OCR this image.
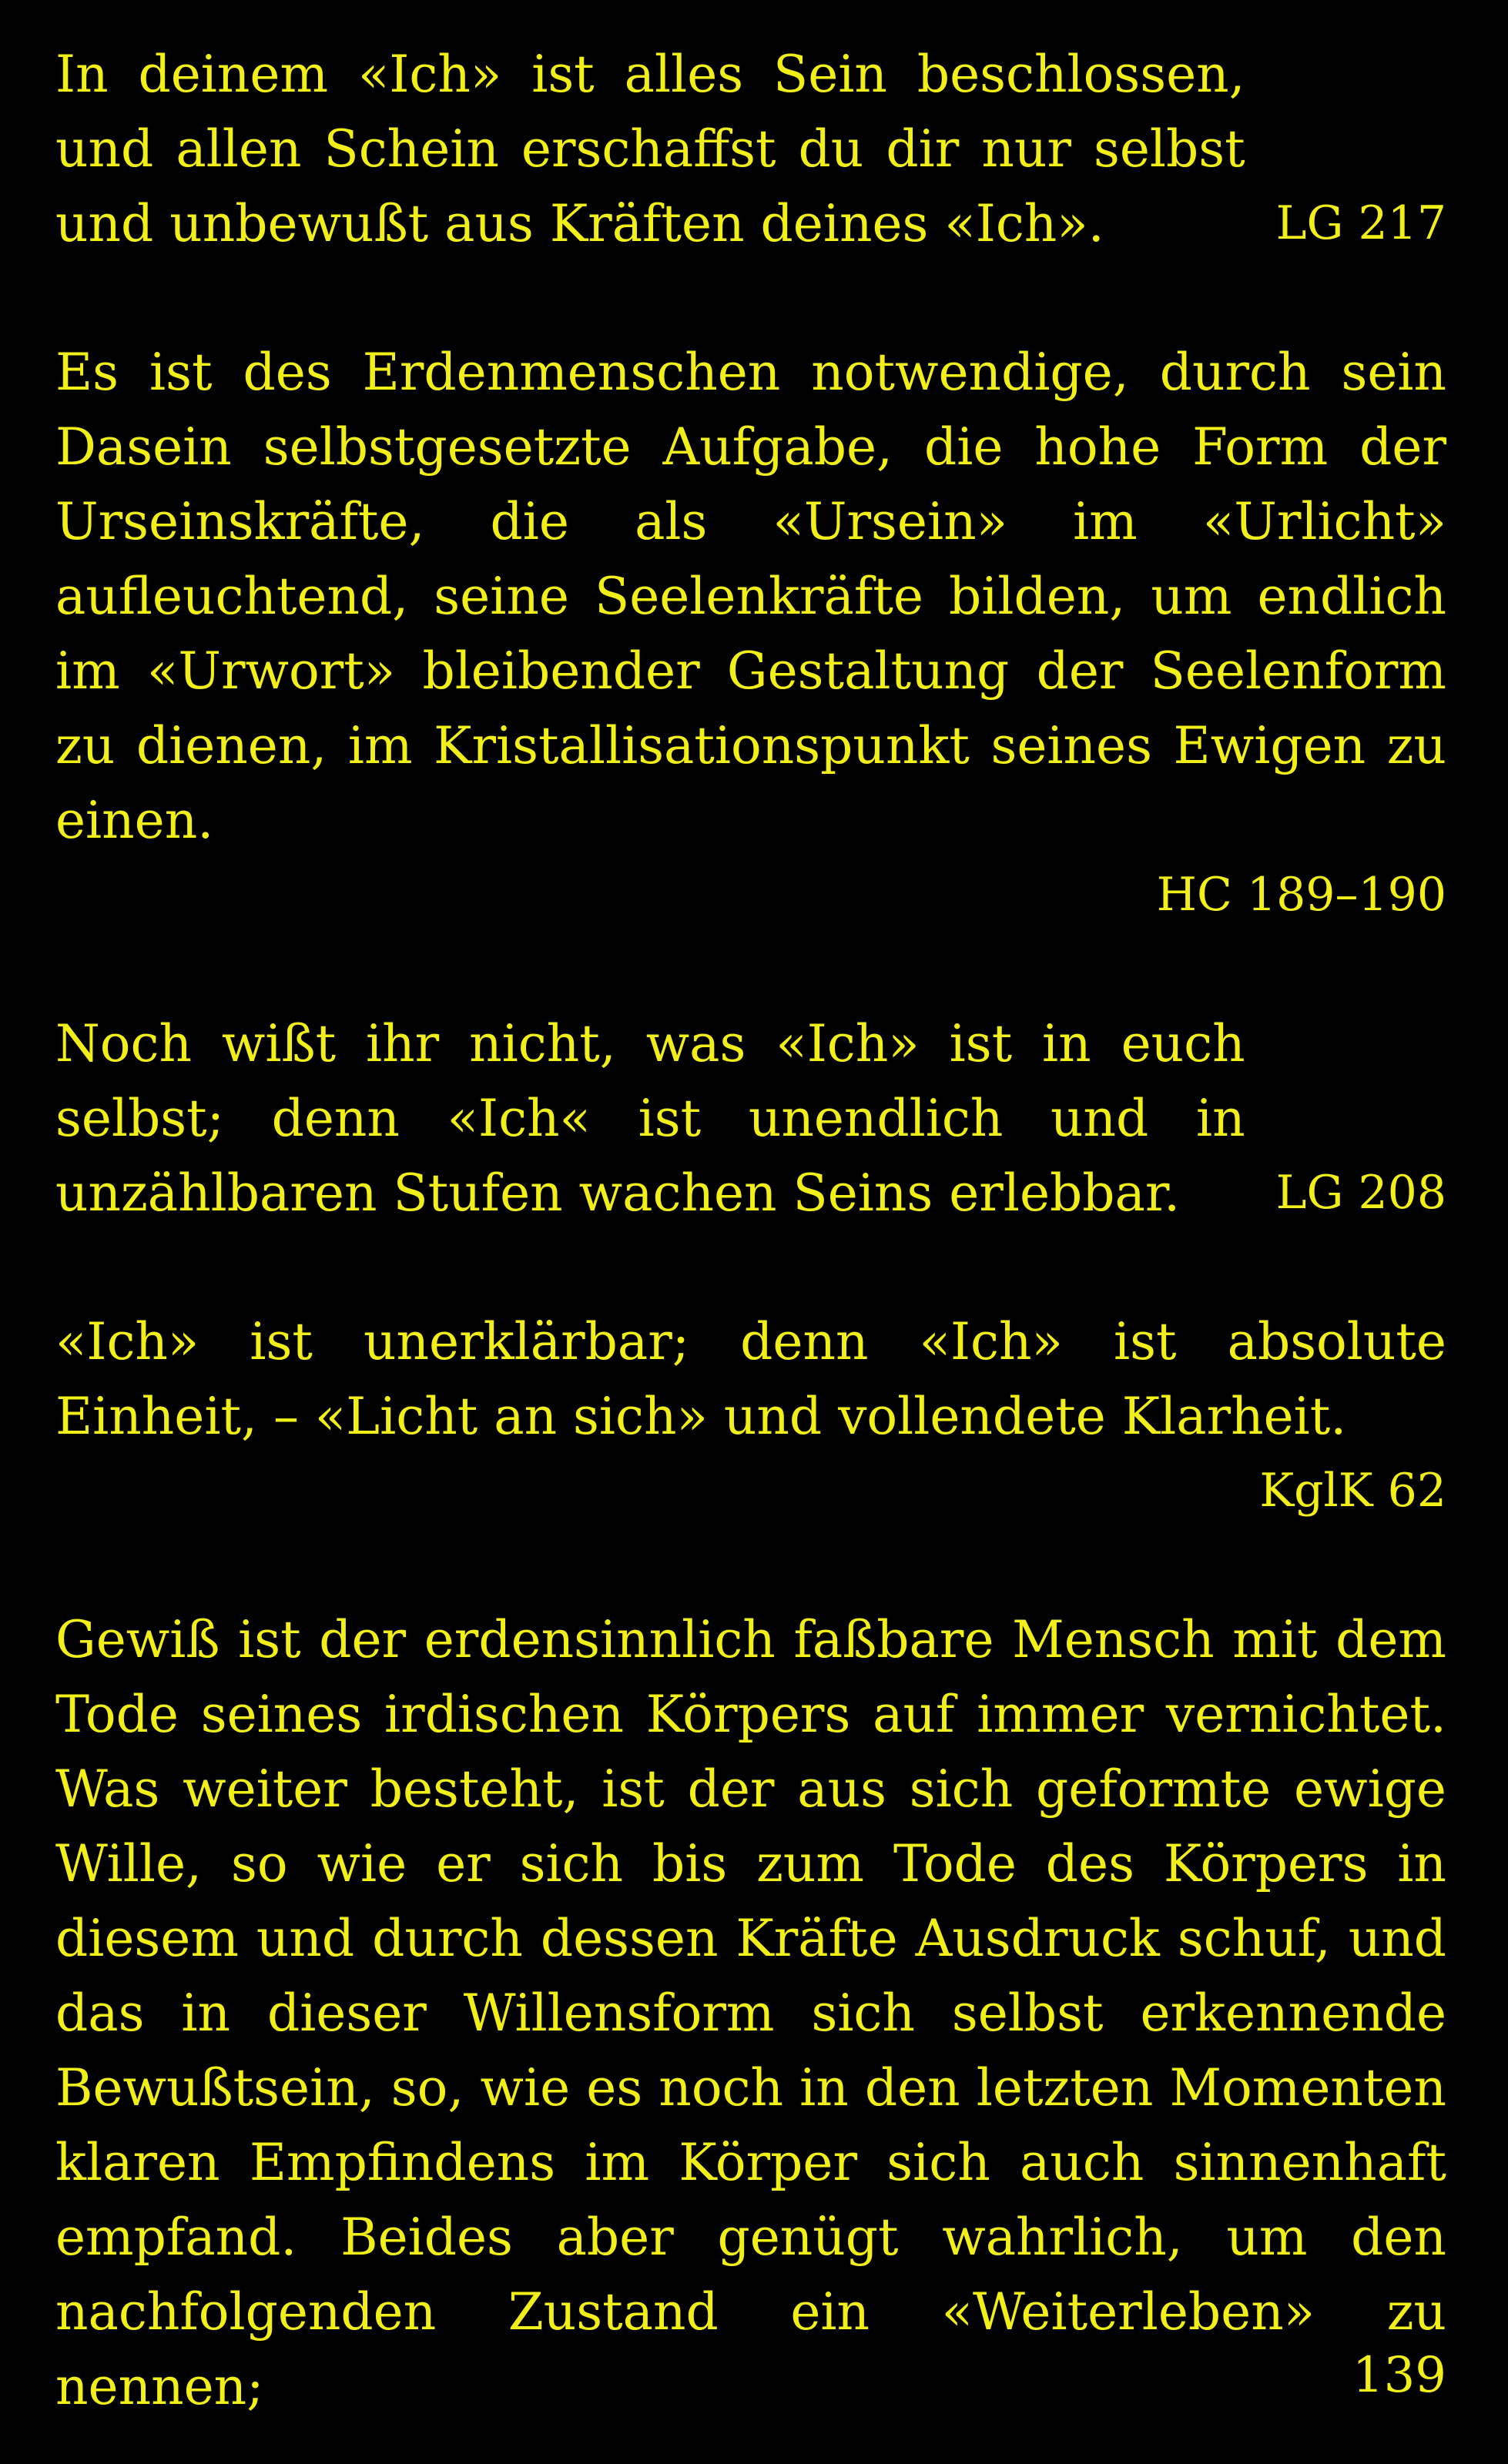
LG 217
In deinem «Ich» ist alles Sein beschlossen, und allen Schein erschaffst du dir nur selbst und unbewußt aus Kräften deines «Ich».

Es ist des Erdenmenschen notwendige, durch sein Dasein selbstgesetzte Aufgabe, die hohe Form der Urseinskräfte, die als «Ursein» im «Urlicht» aufleuchtend, seine Seelenkräfte bilden, um endlich im «Urwort» bleibender Gestaltung der Seelenform zu dienen, im Kristallisationspunkt seines Ewigen zu einen.

HC 189–190

LG 208
Noch wißt ihr nicht, was «Ich» ist in euch selbst; denn «Ich« ist unendlich und in unzählbaren Stufen wachen Seins erlebbar.

«Ich» ist unerklärbar; denn «Ich» ist absolute Einheit, – «Licht an sich» und vollendete Klarheit.

KglK 62

Gewiß ist der erdensinnlich faßbare Mensch mit dem Tode seines irdischen Körpers auf immer vernichtet. Was weiter besteht, ist der aus sich geformte ewige Wille, so wie er sich bis zum Tode des Körpers in diesem und durch dessen Kräfte Ausdruck schuf, und das in dieser Willensform sich selbst erkennende Bewußtsein, so, wie es noch in den letzten Momenten klaren Empfindens im Körper sich auch sinnenhaft empfand. Beides aber genügt wahrlich, um den nachfolgenden Zustand ein «Weiterleben» zu nennen;	139
